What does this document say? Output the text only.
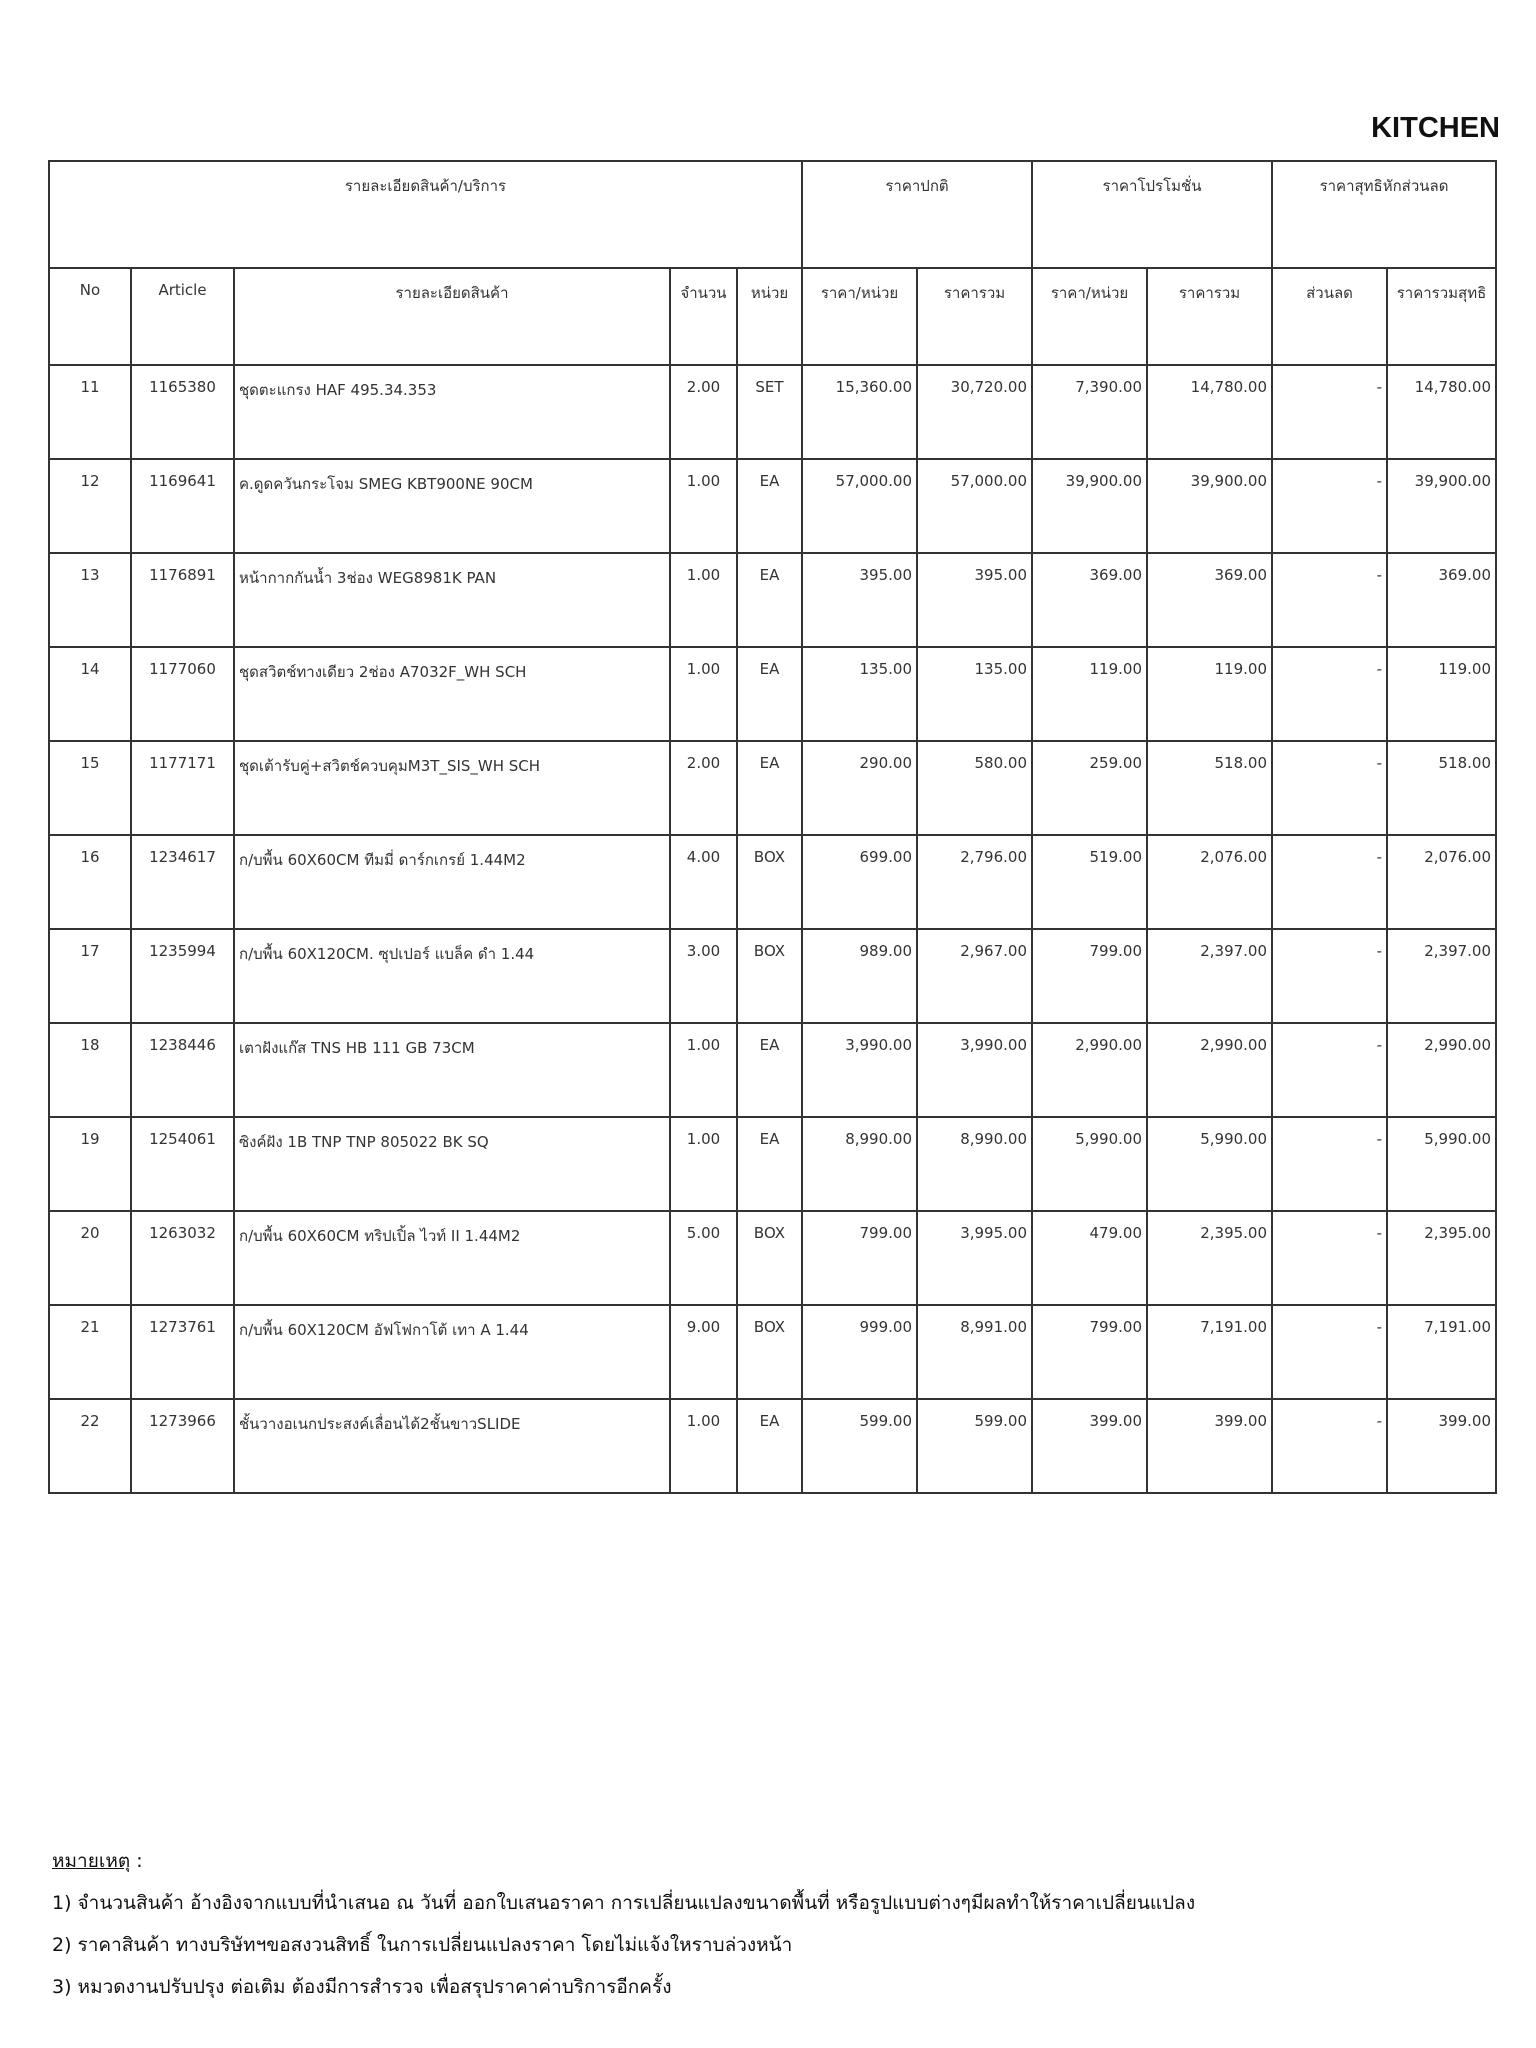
KITCHEN
รายละเอียดสินค้า/บริการ					ราคาปกติ		ราคาโปรโมชั่น		ราคาสุทธิหักส่วนลด	
No	Article	รายละเอียดสินค้า	จำนวน	หน่วย	ราคา/หน่วย	ราคารวม	ราคา/หน่วย	ราคารวม	ส่วนลด	ราคารวมสุทธิ
11	1165380	ชุดตะแกรง HAF 495.34.353	2.00	SET	15,360.00	30,720.00	7,390.00	14,780.00	-	14,780.00
12	1169641	ค.ดูดควันกระโจม SMEG KBT900NE 90CM	1.00	EA	57,000.00	57,000.00	39,900.00	39,900.00	-	39,900.00
13	1176891	หน้ากากกันน้ำ 3ช่อง WEG8981K PAN	1.00	EA	395.00	395.00	369.00	369.00	-	369.00
14	1177060	ชุดสวิตช์ทางเดียว 2ช่อง A7032F_WH SCH	1.00	EA	135.00	135.00	119.00	119.00	-	119.00
15	1177171	ชุดเต้ารับคู่+สวิตช์ควบคุมM3T_SIS_WH SCH	2.00	EA	290.00	580.00	259.00	518.00	-	518.00
16	1234617	ก/บพื้น 60X60CM ทีมมี่ ดาร์กเกรย์ 1.44M2	4.00	BOX	699.00	2,796.00	519.00	2,076.00	-	2,076.00
17	1235994	ก/บพื้น 60X120CM. ซุปเปอร์ แบล็ค ดำ 1.44	3.00	BOX	989.00	2,967.00	799.00	2,397.00	-	2,397.00
18	1238446	เตาฝังแก๊ส TNS HB 111 GB 73CM	1.00	EA	3,990.00	3,990.00	2,990.00	2,990.00	-	2,990.00
19	1254061	ซิงค์ฝัง 1B TNP TNP 805022 BK SQ	1.00	EA	8,990.00	8,990.00	5,990.00	5,990.00	-	5,990.00
20	1263032	ก/บพื้น 60X60CM ทริปเปิ้ล ไวท์ II 1.44M2	5.00	BOX	799.00	3,995.00	479.00	2,395.00	-	2,395.00
21	1273761	ก/บพื้น 60X120CM อัฟโฟกาโต้ เทา A 1.44	9.00	BOX	999.00	8,991.00	799.00	7,191.00	-	7,191.00
22	1273966	ชั้นวางอเนกประสงค์เลื่อนได้2ชั้นขาวSLIDE	1.00	EA	599.00	599.00	399.00	399.00	-	399.00
หมายเหตุ :
1) จำนวนสินค้า อ้างอิงจากแบบที่นำเสนอ ณ วันที่ ออกใบเสนอราคา การเปลี่ยนแปลงขนาดพื้นที่ หรือรูปแบบต่างๆมีผลทำให้ราคาเปลี่ยนแปลง
2) ราคาสินค้า ทางบริษัทฯขอสงวนสิทธิ์ ในการเปลี่ยนแปลงราคา โดยไม่แจ้งใหราบล่วงหน้า
3) หมวดงานปรับปรุง ต่อเติม ต้องมีการสำรวจ เพื่อสรุปราคาค่าบริการอีกครั้ง
